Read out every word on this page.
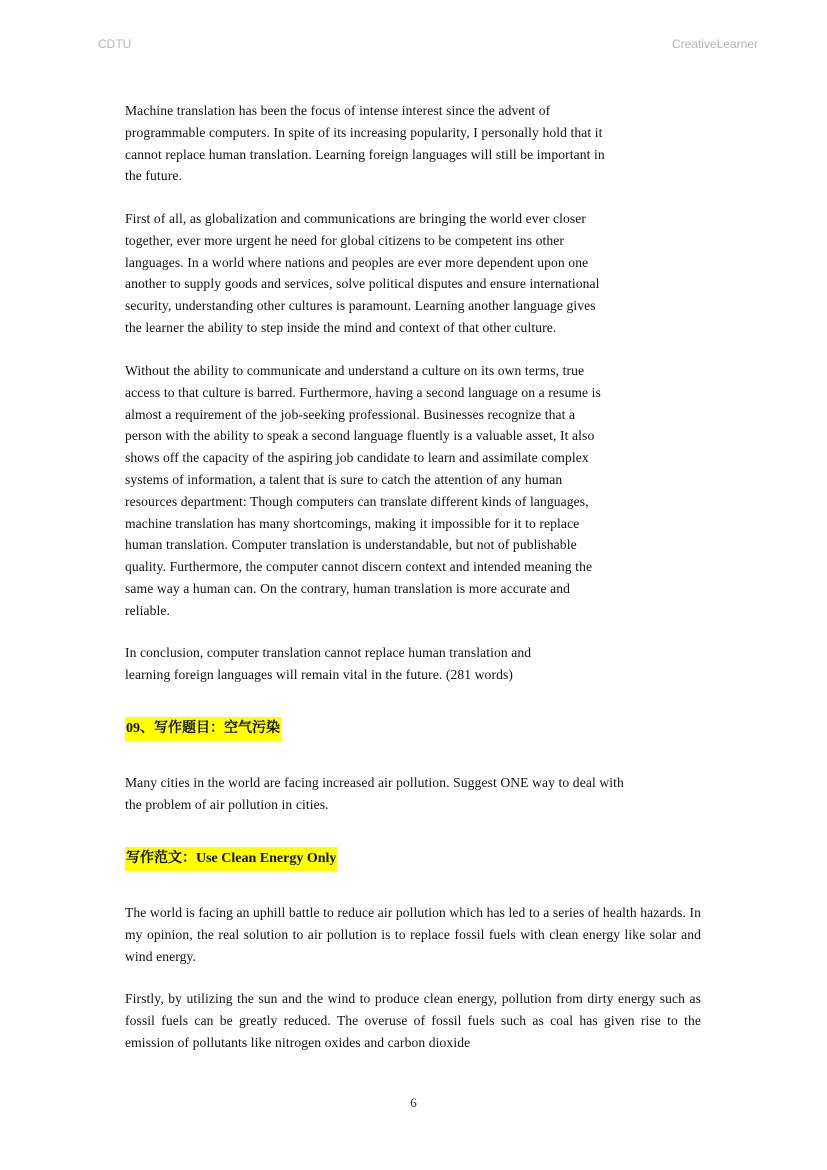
CDTU	CreativeLearner

Machine translation has been the focus of intense interest since the advent of
programmable computers. In spite of its increasing popularity, I personally hold that it
cannot replace human translation. Learning foreign languages will still be important in
the future.

First of all, as globalization and communications are bringing the world ever closer
together, ever more urgent he need for global citizens to be competent ins other
languages. In a world where nations and peoples are ever more dependent upon one
another to supply goods and services, solve political disputes and ensure international
security, understanding other cultures is paramount. Learning another language gives
the learner the ability to step inside the mind and context of that other culture.

Without the ability to communicate and understand a culture on its own terms, true
access to that culture is barred. Furthermore, having a second language on a resume is
almost a requirement of the job-seeking professional. Businesses recognize that a
person with the ability to speak a second language fluently is a valuable asset, It also
shows off the capacity of the aspiring job candidate to learn and assimilate complex
systems of information, a talent that is sure to catch the attention of any human
resources department: Though computers can translate different kinds of languages,
machine translation has many shortcomings, making it impossible for it to replace
human translation. Computer translation is understandable, but not of publishable
quality. Furthermore, the computer cannot discern context and intended meaning the
same way a human can. On the contrary, human translation is more accurate and
reliable.

In conclusion, computer translation cannot replace human translation and
learning foreign languages will remain vital in the future. (281 words)

09、写作题目：空气污染

Many cities in the world are facing increased air pollution. Suggest ONE way to deal with
the problem of air pollution in cities.

写作范文：Use Clean Energy Only

The world is facing an uphill battle to reduce air pollution which has led to a series of health hazards. In my opinion, the real solution to air pollution is to replace fossil fuels with clean energy like solar and wind energy.

Firstly, by utilizing the sun and the wind to produce clean energy, pollution from dirty energy such as fossil fuels can be greatly reduced. The overuse of fossil fuels such as coal has given rise to the emission of pollutants like nitrogen oxides and carbon dioxide

6
